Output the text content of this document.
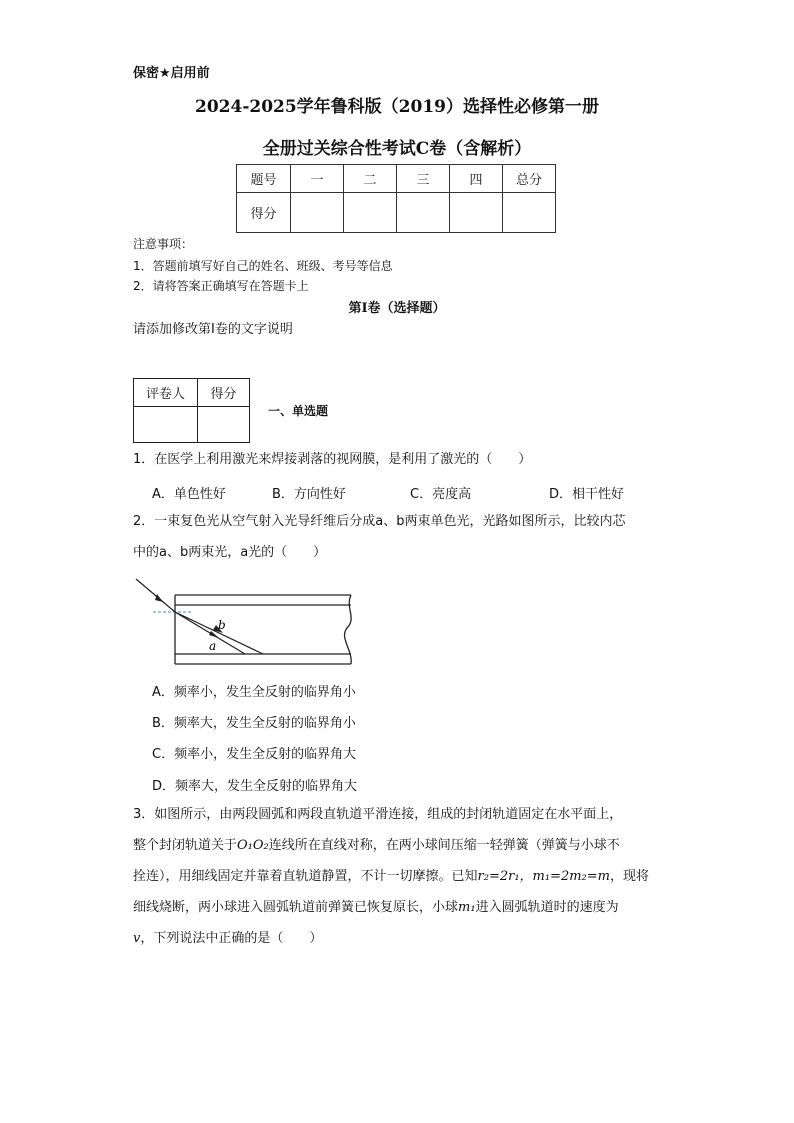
保密★启用前
2024-2025学年鲁科版（2019）选择性必修第一册
全册过关综合性考试C卷（含解析）
题号	一	二	三	四	总分
得分					
注意事项：
1．答题前填写好自己的姓名、班级、考号等信息
2．请将答案正确填写在答题卡上
第I卷（选择题）
请添加修改第I卷的文字说明
评卷人	得分

一、单选题
1．在医学上利用激光来焊接剥落的视网膜，是利用了激光的（　　）
A．单色性好	B．方向性好	C．亮度高	D．相干性好
2．一束复色光从空气射入光导纤维后分成a、b两束单色光，光路如图所示，比较内芯
中的a、b两束光，a光的（　　）
b
a
A．频率小，发生全反射的临界角小
B．频率大，发生全反射的临界角小
C．频率小，发生全反射的临界角大
D．频率大，发生全反射的临界角大
3．如图所示，由两段圆弧和两段直轨道平滑连接，组成的封闭轨道固定在水平面上，
整个封闭轨道关于O₁O₂连线所在直线对称，在两小球间压缩一轻弹簧（弹簧与小球不
拴连），用细线固定并靠着直轨道静置，不计一切摩擦。已知r₂=2r₁，m₁=2m₂=m，现将
细线烧断，两小球进入圆弧轨道前弹簧已恢复原长，小球m₁进入圆弧轨道时的速度为
v，下列说法中正确的是（　　）
